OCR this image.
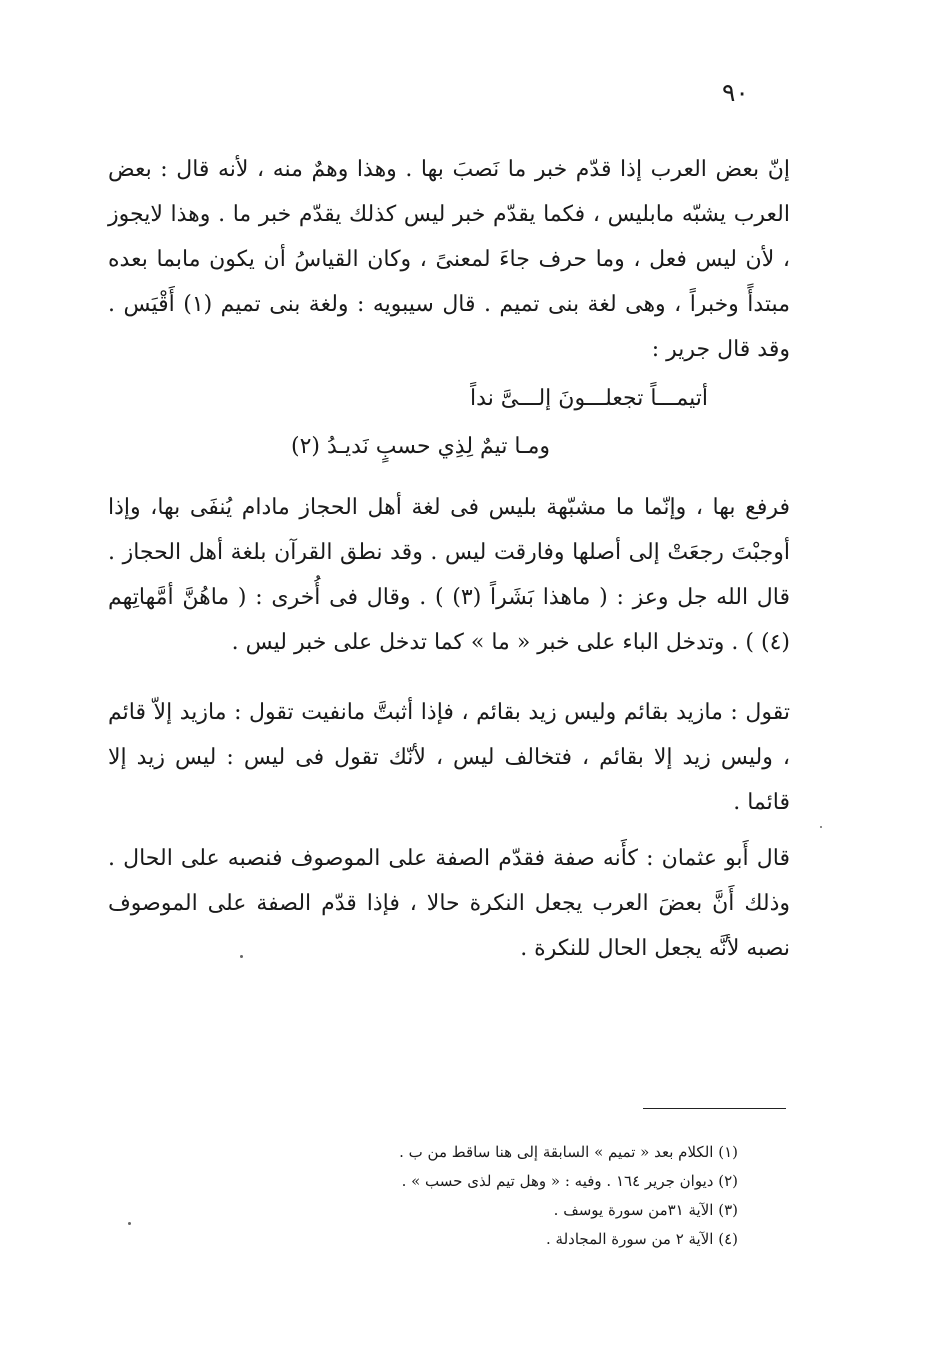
٩٠
إنّ بعض العرب إذا قدّم خبر ما نَصبَ بها . وهذا وهمٌ منه ، لأنه قال : بعض العرب يشبّه مابليس ، فكما يقدّم خبر ليس كذلك يقدّم خبر ما . وهذا لايجوز ، لأن ليس فعل ، وما حرف جاءَ لمعنىً ، وكان القياسُ أن يكون مابما بعده مبتدأً وخبراً ، وهى لغة بنى تميم . قال سيبويه : ولغة بنى تميم (١) أَقْيَس . وقد قال جرير :
أتيمـــاً تجعلـــونَ إلـــىَّ نداً
ومـا تيمٌ لِذِي حسبٍ نَديـدُ (٢)
فرفع بها ، وإنّما ما مشبّهة بليس فى لغة أهل الحجاز مادام يُنفَى بها، وإذا أوجبْتَ رجعَتْ إلى أصلها وفارقت ليس . وقد نطق القرآن بلغة أهل الحجاز . قال الله جل وعز : ( ماهذا بَشَراً (٣) ) . وقال فى أُخرى : ( ماهُنَّ أمَّهاتِهم (٤) ) . وتدخل الباء على خبر « ما » كما تدخل على خبر ليس .
تقول : مازيد بقائم وليس زيد بقائم ، فإذا أثبتَّ مانفيت تقول : مازيد إلاّ قائم ، وليس زيد إلا بقائم ، فتخالف ليس ، لأنّك تقول فى ليس : ليس زيد إلا قائما .
قال أَبو عثمان : كأَنه صفة فقدّم الصفة على الموصوف فنصبه على الحال . وذلك أَنَّ بعضَ العرب يجعل النكرة حالا ، فإذا قدّم الصفة على الموصوف نصبه لأنَّه يجعل الحال للنكرة .
(١) الكلام بعد « تميم » السابقة إلى هنا ساقط من ب .
(٢) ديوان جرير ١٦٤ . وفيه : « وهل تيم لذى حسب » .
(٣) الآية ٣١من سورة يوسف .
(٤) الآية ٢ من سورة المجادلة .
